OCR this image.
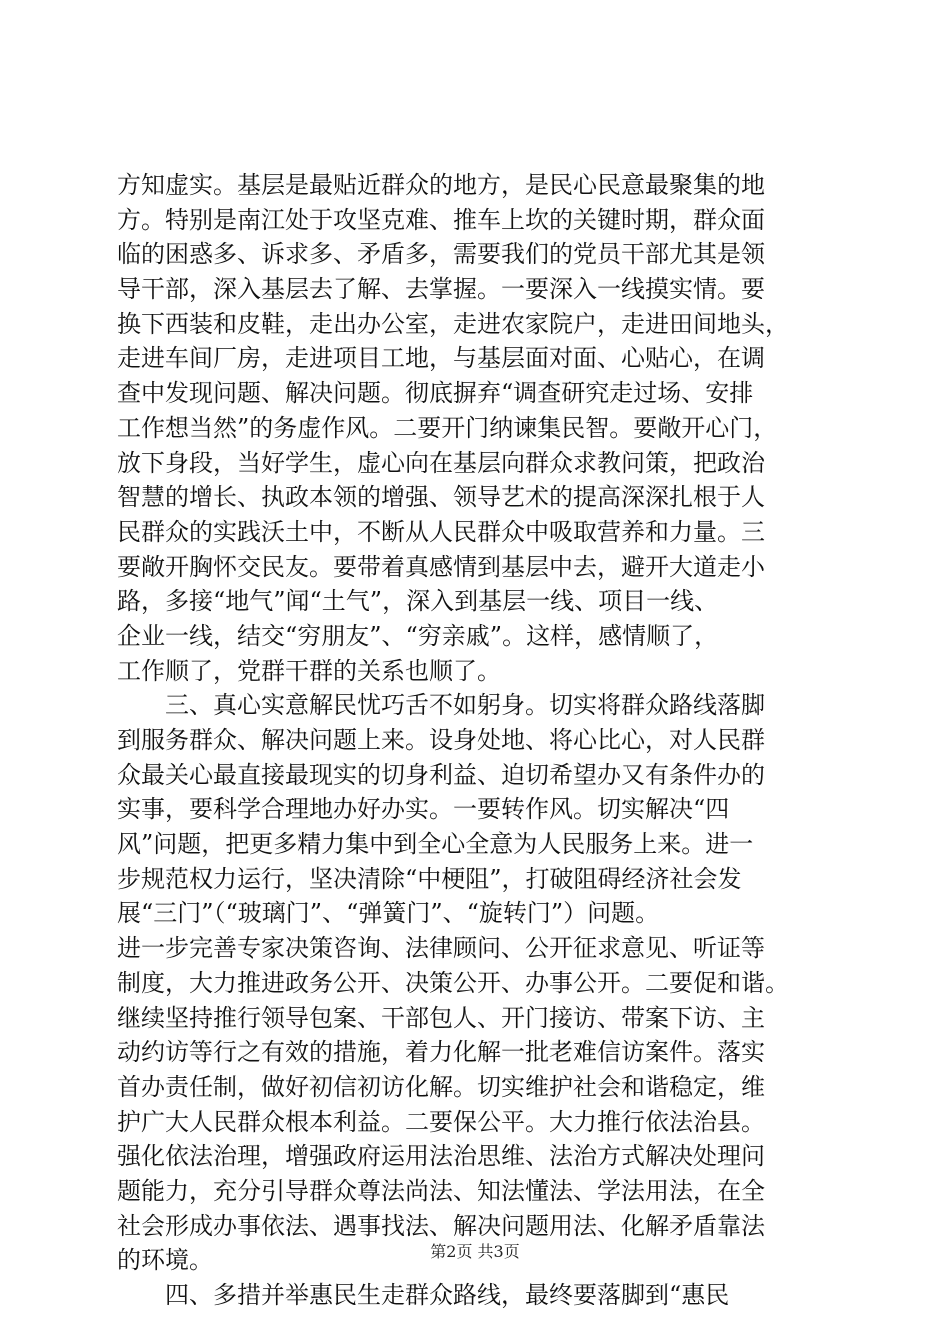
方知虚实。基层是最贴近群众的地方，是民心民意最聚集的地
方。特别是南江处于攻坚克难、推车上坎的关键时期，群众面
临的困惑多、诉求多、矛盾多，需要我们的党员干部尤其是领
导干部，深入基层去了解、去掌握。一要深入一线摸实情。要
换下西装和皮鞋，走出办公室，走进农家院户，走进田间地头，
走进车间厂房，走进项目工地，与基层面对面、心贴心，在调
查中发现问题、解决问题。彻底摒弃“调查研究走过场、安排
工作想当然”的务虚作风。二要开门纳谏集民智。要敞开心门，
放下身段，当好学生，虚心向在基层向群众求教问策，把政治
智慧的增长、执政本领的增强、领导艺术的提高深深扎根于人
民群众的实践沃土中，不断从人民群众中吸取营养和力量。三
要敞开胸怀交民友。要带着真感情到基层中去，避开大道走小
路，多接“地气”闻“土气”，深入到基层一线、项目一线、
企业一线，结交“穷朋友”、“穷亲戚”。这样，感情顺了，
工作顺了，党群干群的关系也顺了。
　　三、真心实意解民忧巧舌不如躬身。切实将群众路线落脚
到服务群众、解决问题上来。设身处地、将心比心，对人民群
众最关心最直接最现实的切身利益、迫切希望办又有条件办的
实事，要科学合理地办好办实。一要转作风。切实解决“四
风”问题，把更多精力集中到全心全意为人民服务上来。进一
步规范权力运行，坚决清除“中梗阻”，打破阻碍经济社会发
展“三门”（“玻璃门”、“弹簧门”、“旋转门”）问题。
进一步完善专家决策咨询、法律顾问、公开征求意见、听证等
制度，大力推进政务公开、决策公开、办事公开。二要促和谐。
继续坚持推行领导包案、干部包人、开门接访、带案下访、主
动约访等行之有效的措施，着力化解一批老难信访案件。落实
首办责任制，做好初信初访化解。切实维护社会和谐稳定，维
护广大人民群众根本利益。二要保公平。大力推行依法治县。
强化依法治理，增强政府运用法治思维、法治方式解决处理问
题能力，充分引导群众尊法尚法、知法懂法、学法用法，在全
社会形成办事依法、遇事找法、解决问题用法、化解矛盾靠法
的环境。
　　四、多措并举惠民生走群众路线，最终要落脚到“惠民
第2页 共3页
